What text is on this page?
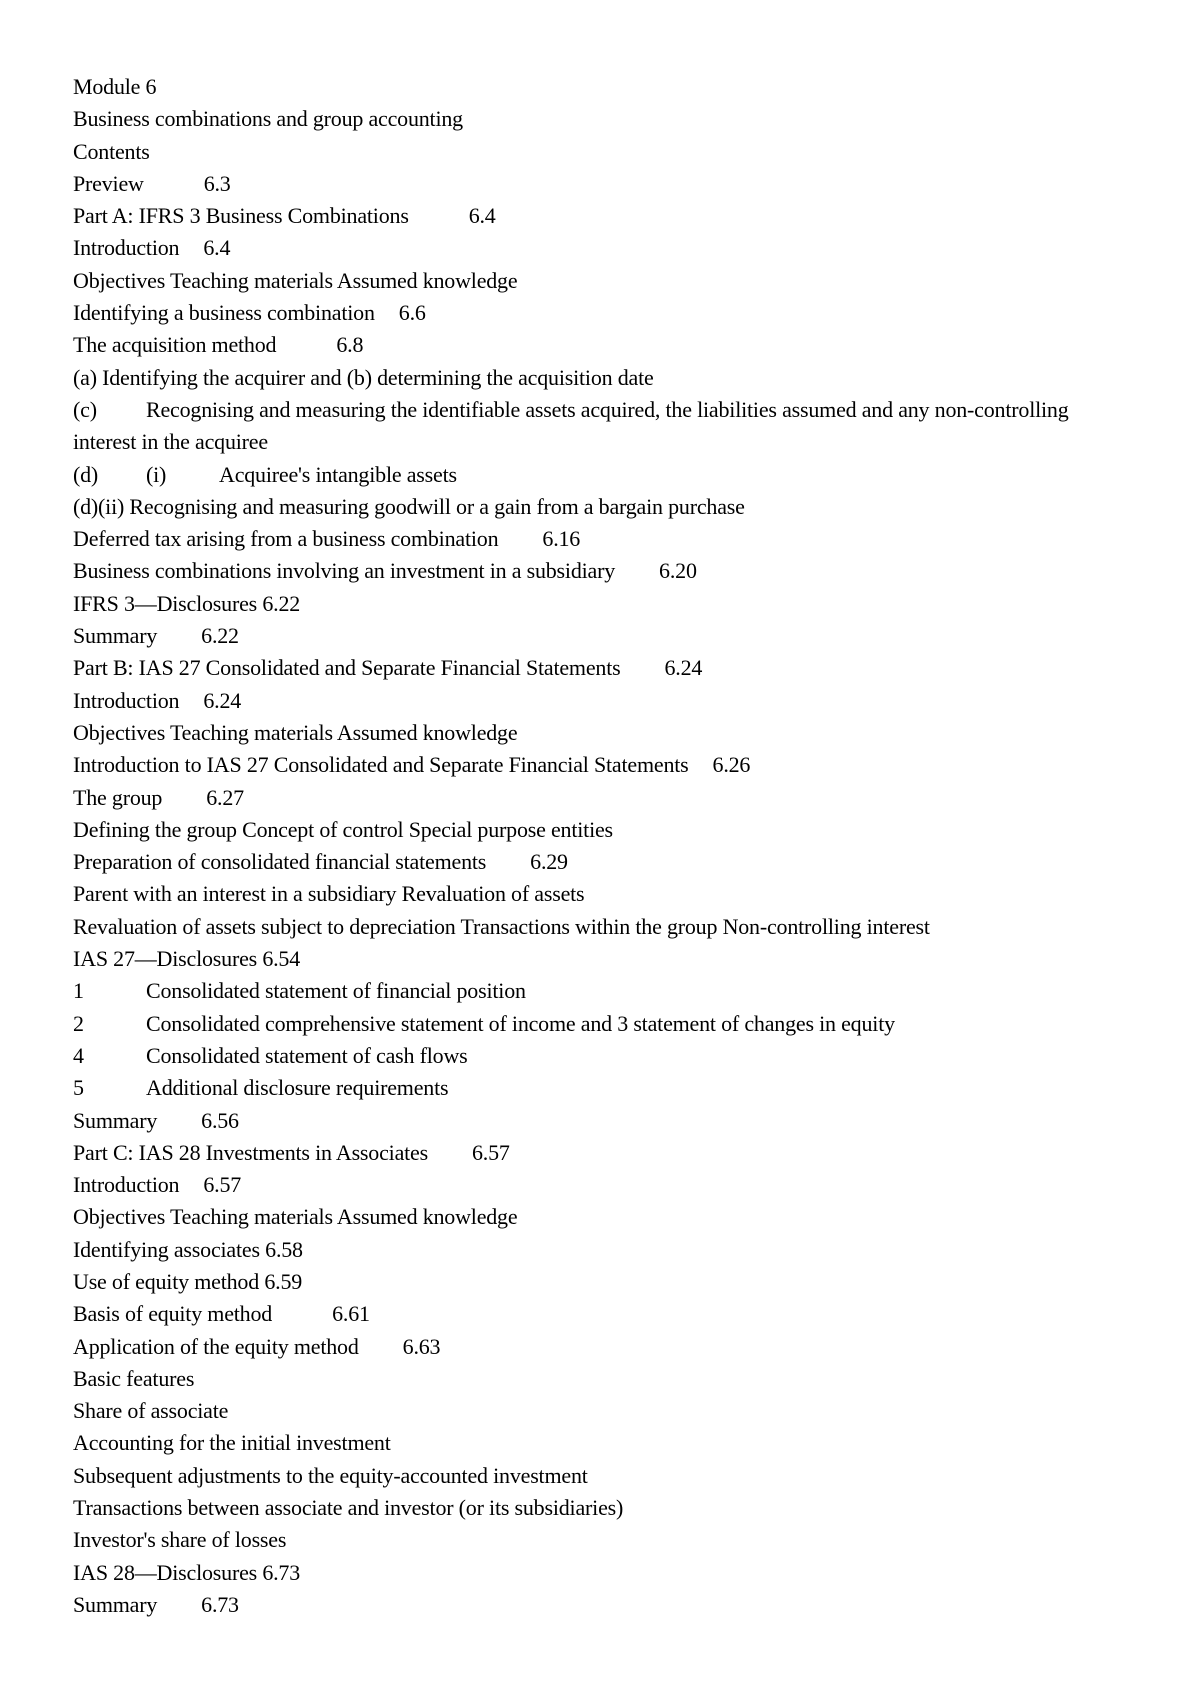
Module 6
Business combinations and group accounting
Contents
Preview	6.3
Part A: IFRS 3 Business Combinations	6.4
Introduction 6.4
Objectives Teaching materials Assumed knowledge
Identifying a business combination 6.6
The acquisition method	6.8
(a) Identifying the acquirer and (b) determining the acquisition date
(c) Recognising and measuring the identifiable assets acquired, the liabilities assumed and any non-controlling interest in the acquiree
(d) (i) Acquiree's intangible assets
(d)(ii) Recognising and measuring goodwill or a gain from a bargain purchase
Deferred tax arising from a business combination 6.16
Business combinations involving an investment in a subsidiary 6.20
IFRS 3—Disclosures 6.22
Summary 6.22
Part B: IAS 27 Consolidated and Separate Financial Statements 6.24
Introduction 6.24
Objectives Teaching materials Assumed knowledge
Introduction to IAS 27 Consolidated and Separate Financial Statements 6.26
The group 6.27
Defining the group Concept of control Special purpose entities
Preparation of consolidated financial statements 6.29
Parent with an interest in a subsidiary Revaluation of assets
Revaluation of assets subject to depreciation Transactions within the group Non-controlling interest
IAS 27—Disclosures 6.54
1	Consolidated statement of financial position
2	Consolidated comprehensive statement of income and 3 statement of changes in equity
4	Consolidated statement of cash flows
5	Additional disclosure requirements
Summary 6.56
Part C: IAS 28 Investments in Associates 6.57
Introduction 6.57
Objectives Teaching materials Assumed knowledge
Identifying associates 6.58
Use of equity method 6.59
Basis of equity method	6.61
Application of the equity method 6.63
Basic features
Share of associate
Accounting for the initial investment
Subsequent adjustments to the equity-accounted investment
Transactions between associate and investor (or its subsidiaries)
Investor's share of losses
IAS 28—Disclosures 6.73
Summary 6.73
